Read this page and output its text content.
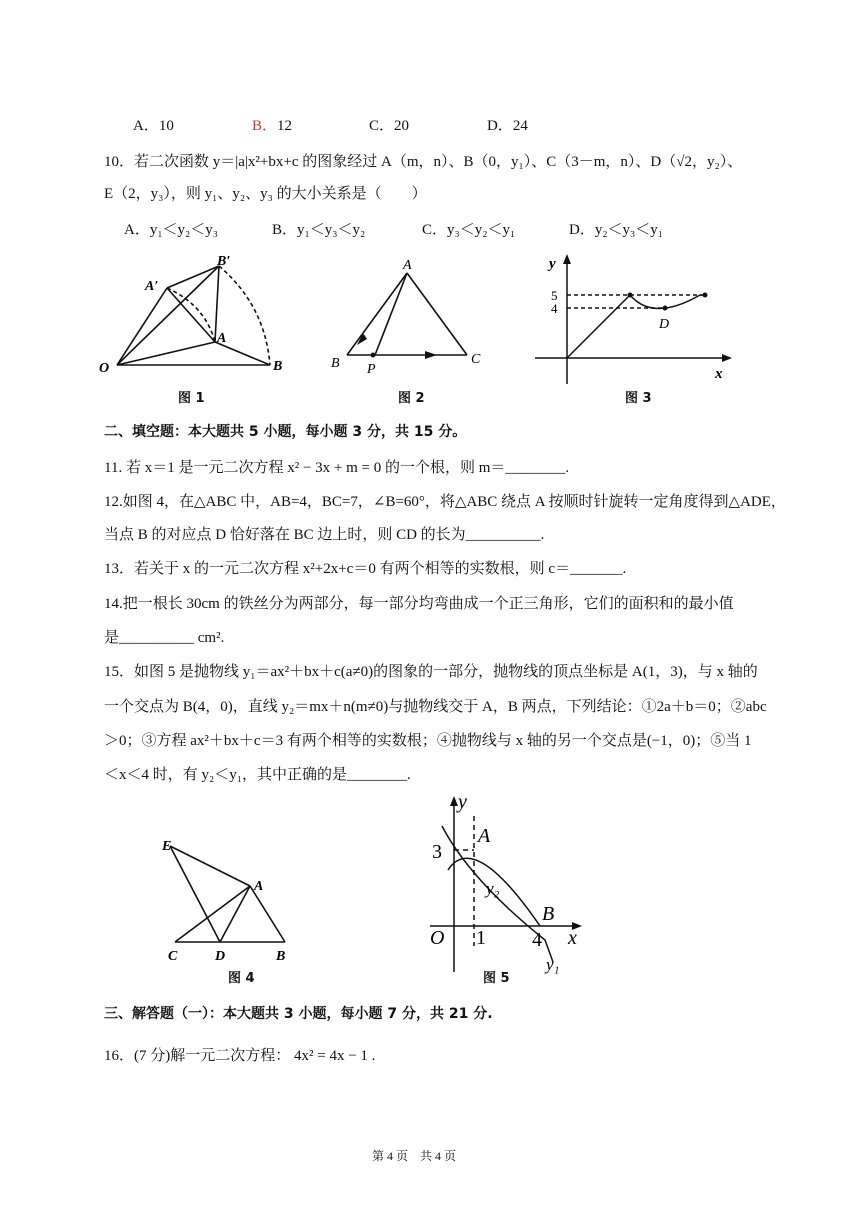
A．10	B．12	C．20	D．24
10．若二次函数 y＝|a|x²+bx+c 的图象经过 A（m，n）、B（0，y₁）、C（3－m，n）、D（√2，y₂）、
E（2，y₃），则 y₁、y₂、y₃ 的大小关系是（　　）
A．y₁＜y₂＜y₃	B．y₁＜y₃＜y₂	C．y₃＜y₂＜y₁	D．y₂＜y₃＜y₁
O
A
B
A′
B′
图 1
A
B	C
P
图 2
y
x
5
4
D
图 3
二、填空题：本大题共 5 小题，每小题 3 分，共 15 分。
11. 若 x＝1 是一元二次方程 x² − 3x + m = 0 的一个根，则 m＝________.
12.如图 4，在△ABC 中，AB=4，BC=7，∠B=60°，将△ABC 绕点 A 按顺时针旋转一定角度得到△ADE，
当点 B 的对应点 D 恰好落在 BC 边上时，则 CD 的长为__________.
13．若关于 x 的一元二次方程 x²+2x+c＝0 有两个相等的实数根，则 c＝_______.
14.把一根长 30cm 的铁丝分为两部分，每一部分均弯曲成一个正三角形，它们的面积和的最小值
是__________ cm².
15．如图 5 是抛物线 y₁＝ax²＋bx＋c(a≠0)的图象的一部分，抛物线的顶点坐标是 A(1，3)，与 x 轴的
一个交点为 B(4，0)，直线 y₂＝mx＋n(m≠0)与抛物线交于 A，B 两点，下列结论：①2a＋b＝0；②abc
＞0；③方程 ax²＋bx＋c＝3 有两个相等的实数根；④抛物线与 x 轴的另一个交点是(−1，0)；⑤当 1
＜x＜4 时，有 y₂＜y₁，其中正确的是________.
E
A
C	D	B
图 4
y
x
O
3
1 4
A
B
y₁
y₂
图 5
三、解答题（一）：本大题共 3 小题，每小题 7 分，共 21 分.
16．(7 分)解一元二次方程： 4x² = 4x − 1 .
第 4 页　共 4 页
